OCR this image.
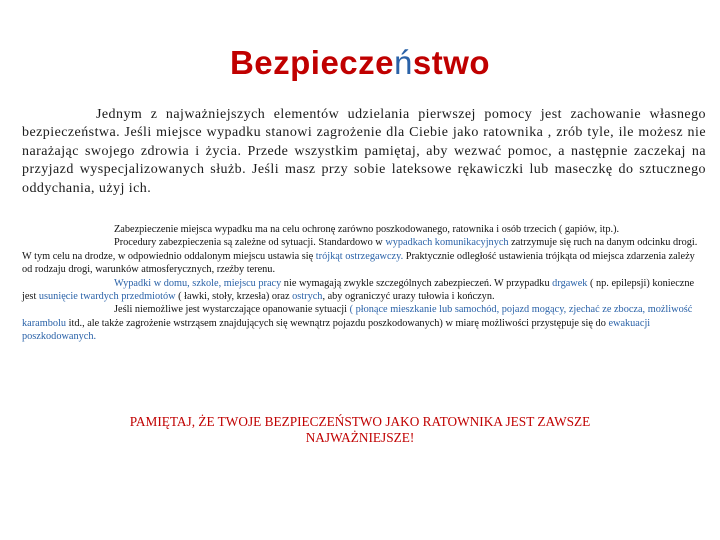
Bezpieczeństwo

Jednym z najważniejszych elementów udzielania pierwszej pomocy jest zachowanie własnego bezpieczeństwa. Jeśli miejsce wypadku stanowi zagrożenie dla Ciebie jako ratownika , zrób tyle, ile możesz nie narażając swojego zdrowia i życia. Przede wszystkim pamiętaj, aby wezwać pomoc, a następnie zaczekaj na przyjazd wyspecjalizowanych służb. Jeśli masz przy sobie lateksowe rękawiczki lub maseczkę do sztucznego oddychania, użyj ich.

Zabezpieczenie miejsca wypadku ma na celu ochronę zarówno poszkodowanego, ratownika i osób trzecich ( gapiów, itp.).

Procedury zabezpieczenia są zależne od sytuacji. Standardowo w wypadkach komunikacyjnych zatrzymuje się ruch na danym odcinku drogi. W tym celu na drodze, w odpowiednio oddalonym miejscu ustawia się trójkąt ostrzegawczy. Praktycznie odległość ustawienia trójkąta od miejsca zdarzenia zależy od rodzaju drogi, warunków atmosferycznych, rzeźby terenu.

Wypadki w domu, szkole, miejscu pracy nie wymagają zwykle szczególnych zabezpieczeń. W przypadku drgawek ( np. epilepsji) konieczne jest usunięcie twardych przedmiotów ( ławki, stoły, krzesła) oraz ostrych, aby ograniczyć urazy tułowia i kończyn.

Jeśli niemożliwe jest wystarczające opanowanie sytuacji ( płonące mieszkanie lub samochód, pojazd mogący, zjechać ze zbocza, możliwość karambolu itd., ale także zagrożenie wstrząsem znajdujących się wewnątrz pojazdu poszkodowanych) w miarę możliwości przystępuje się do ewakuacji poszkodowanych.

PAMIĘTAJ, ŻE TWOJE BEZPIECZEŃSTWO JAKO RATOWNIKA JEST ZAWSZE NAJWAŻNIEJSZE!
